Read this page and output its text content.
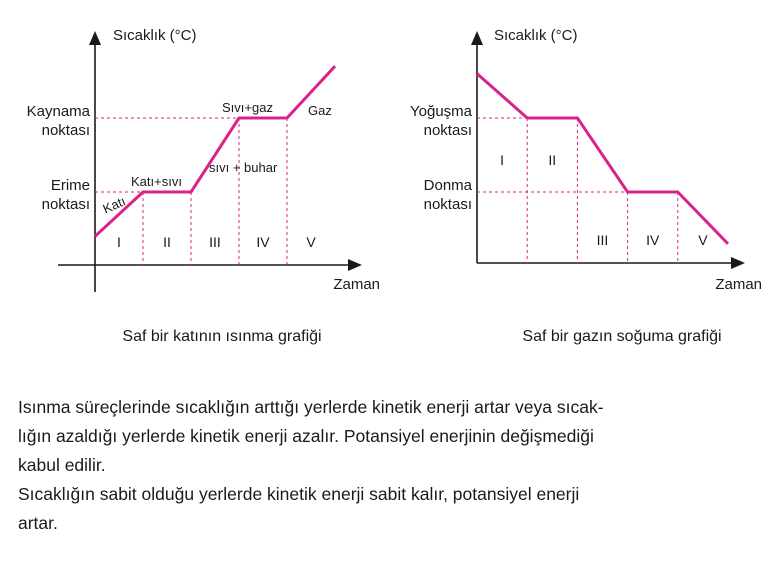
Sıcaklık (°C)
Zaman
Kaynama noktası
Erime noktası
I	II	III	IV	V
Katı
Katı+sıvı
sıvı + buhar
Sıvı+gaz	Gaz
Saf bir katının ısınma grafiği
Sıcaklık (°C)
Zaman
Yoğuşma noktası
Donma noktası
I	II
III	IV	V
Saf bir gazın soğuma grafiği

Isınma süreçlerinde sıcaklığın arttığı yerlerde kinetik enerji artar veya sıcak-
lığın azaldığı yerlerde kinetik enerji azalır. Potansiyel enerjinin değişmediği
kabul edilir.

Sıcaklığın sabit olduğu yerlerde kinetik enerji sabit kalır, potansiyel enerji
artar.
